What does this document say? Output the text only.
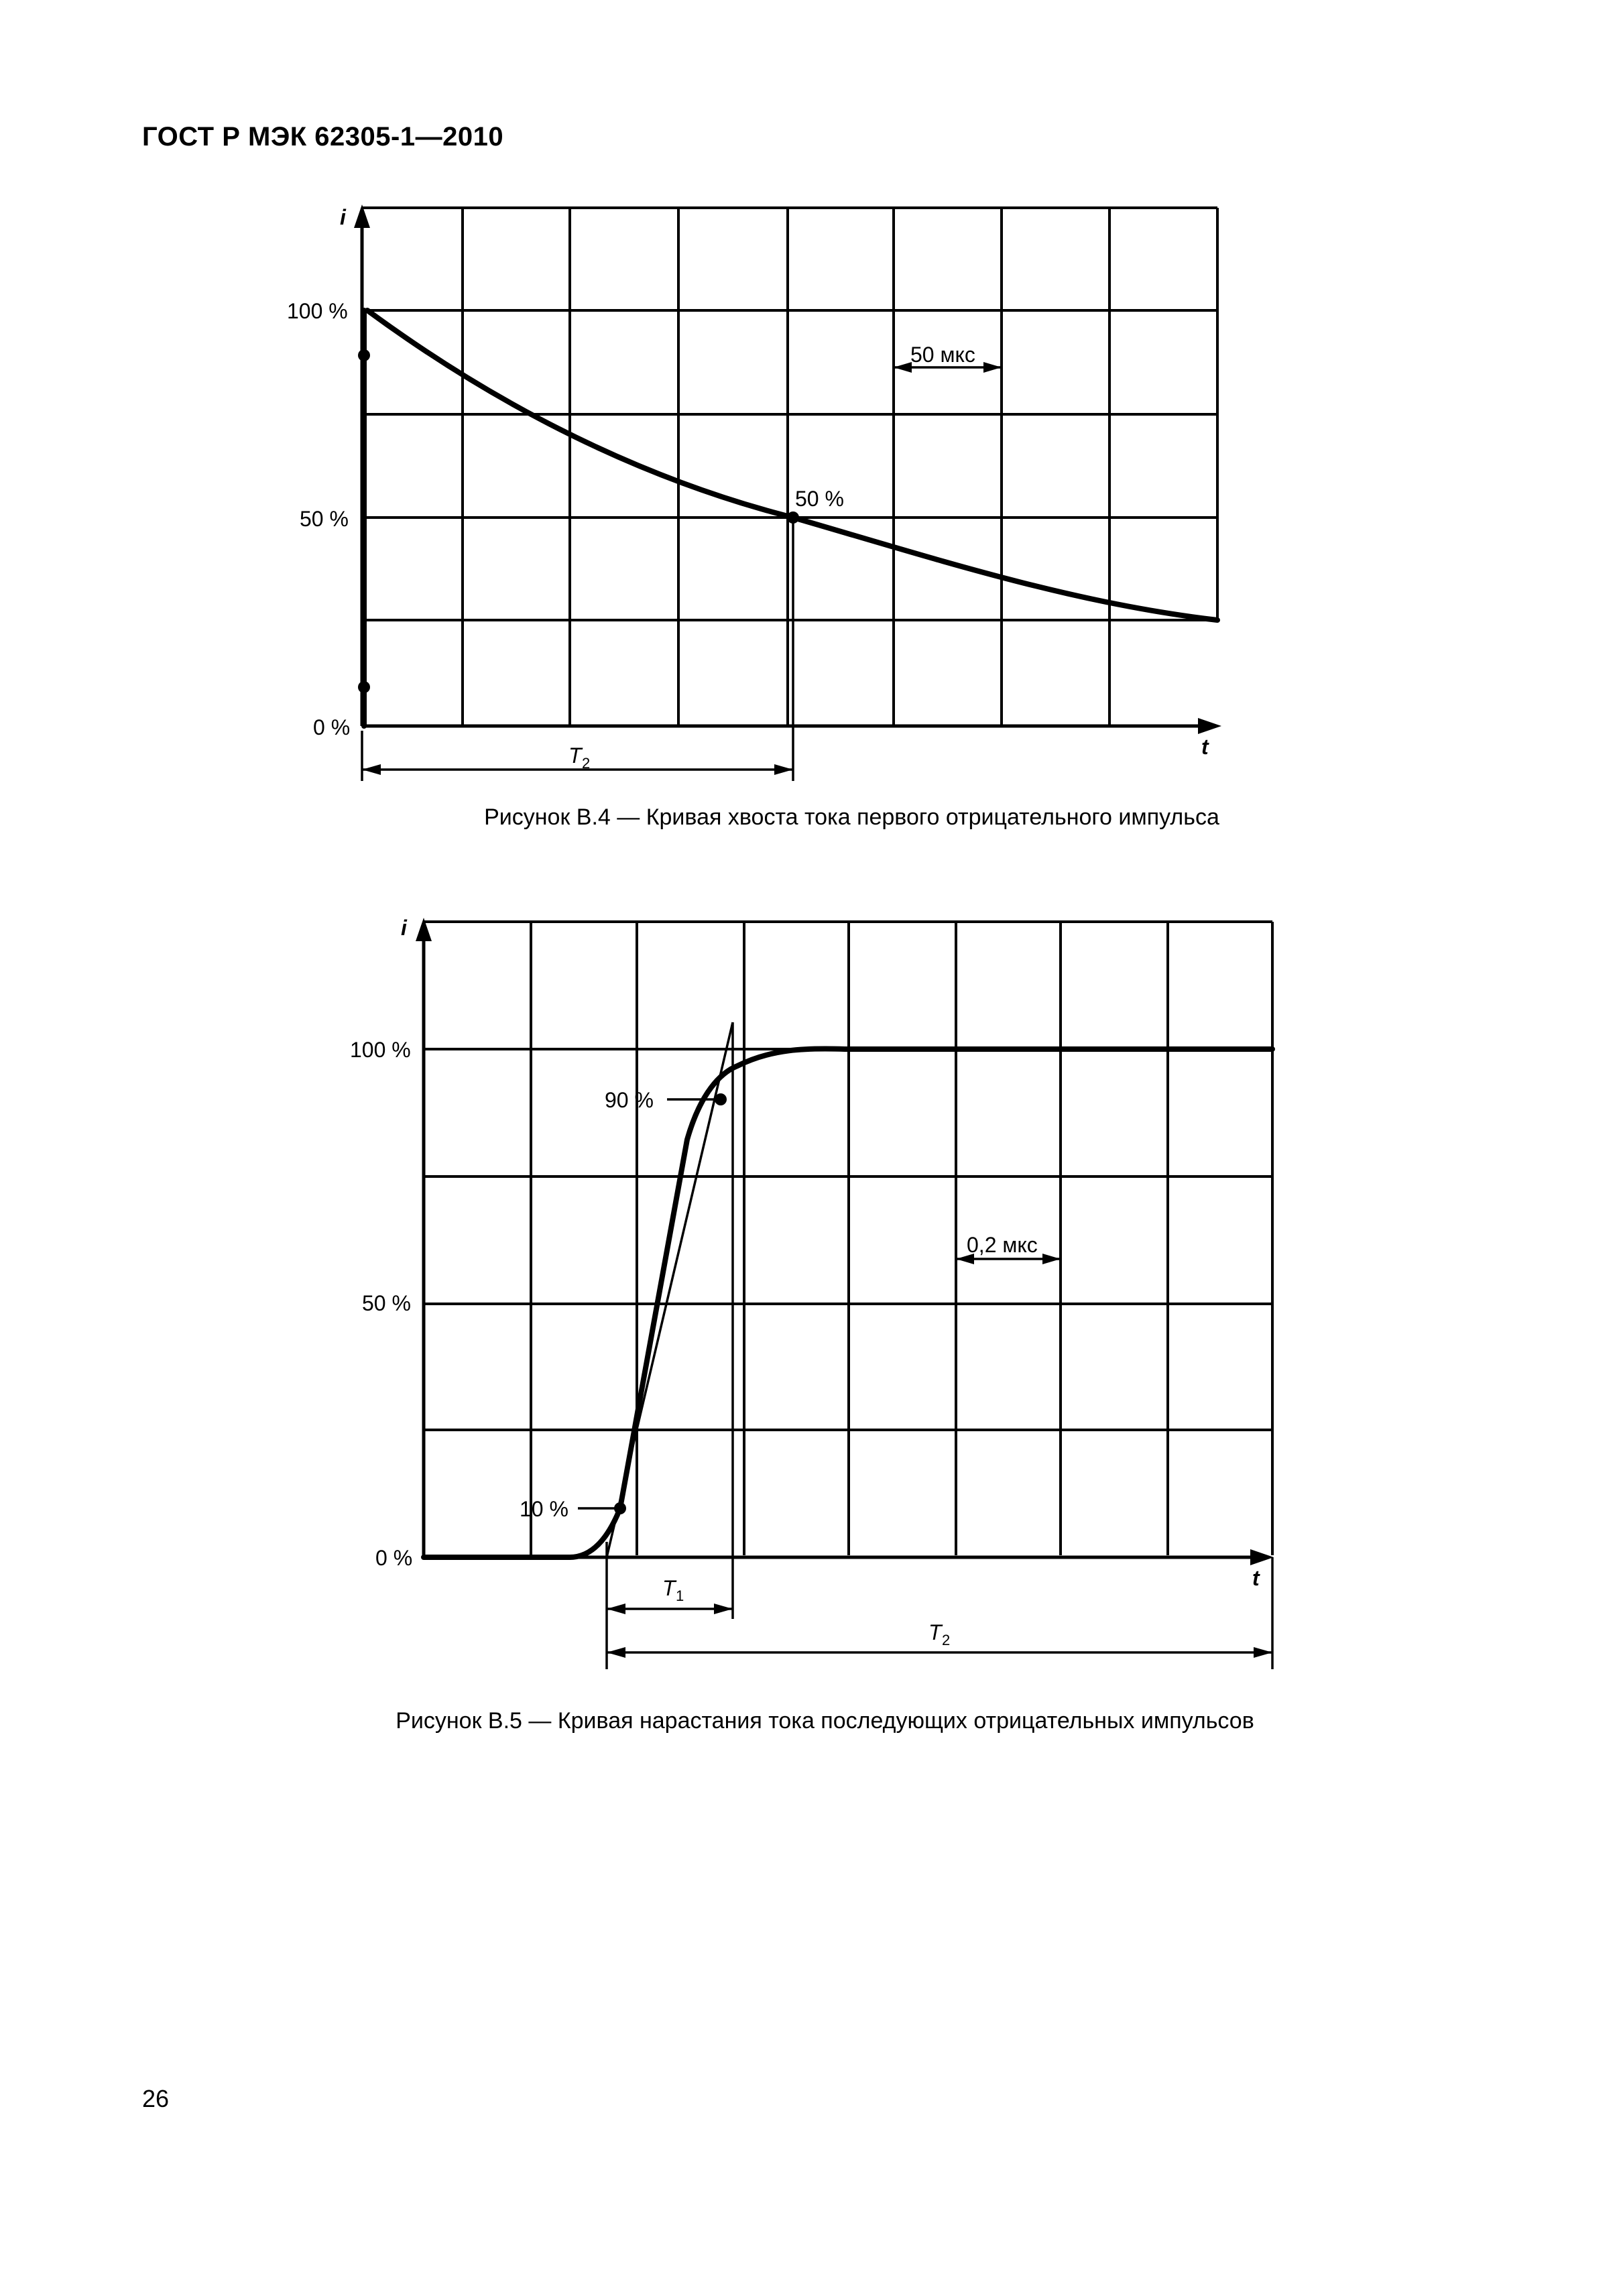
ГОСТ Р МЭК 62305-1—2010
i
100 %
50 %
0 %
t
50 мкс
50 %
T 2
Рисунок В.4 — Кривая хвоста тока первого отрицательного импульса
i
100 %
50 %
0 %
t
0,2 мкс
90 %
10 %
T 1
T 2
Рисунок В.5 — Кривая нарастания тока последующих отрицательных импульсов
26
